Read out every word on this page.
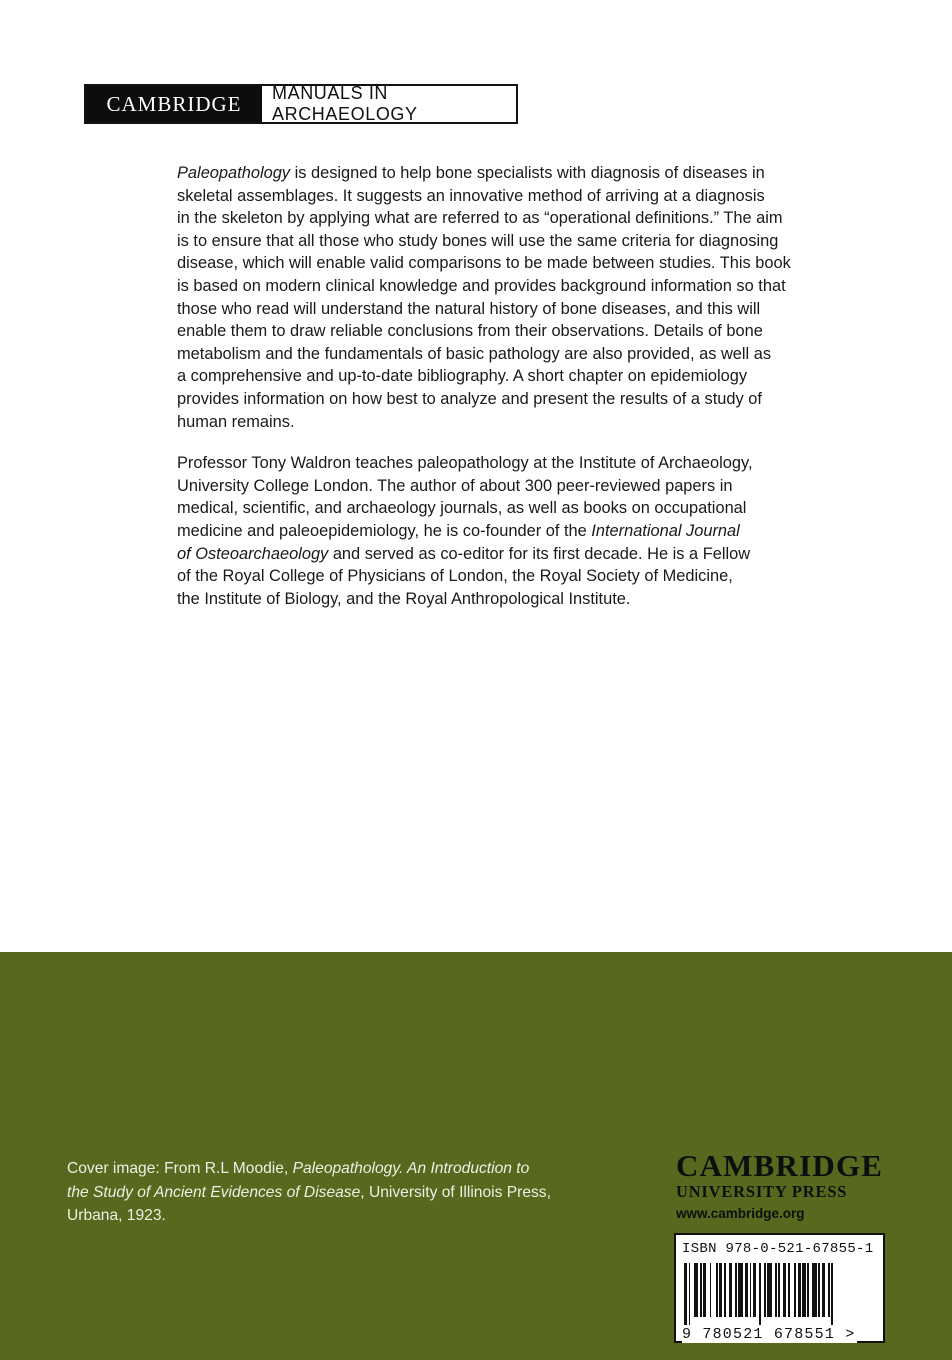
CAMBRIDGE	MANUALS IN ARCHAEOLOGY

Paleopathology is designed to help bone specialists with diagnosis of diseases in
skeletal assemblages. It suggests an innovative method of arriving at a diagnosis
in the skeleton by applying what are referred to as “operational definitions.” The aim
is to ensure that all those who study bones will use the same criteria for diagnosing
disease, which will enable valid comparisons to be made between studies. This book
is based on modern clinical knowledge and provides background information so that
those who read will understand the natural history of bone diseases, and this will
enable them to draw reliable conclusions from their observations. Details of bone
metabolism and the fundamentals of basic pathology are also provided, as well as
a comprehensive and up-to-date bibliography. A short chapter on epidemiology
provides information on how best to analyze and present the results of a study of
human remains.

Professor Tony Waldron teaches paleopathology at the Institute of Archaeology,
University College London. The author of about 300 peer-reviewed papers in
medical, scientific, and archaeology journals, as well as books on occupational
medicine and paleoepidemiology, he is co-founder of the International Journal
of Osteoarchaeology and served as co-editor for its first decade. He is a Fellow
of the Royal College of Physicians of London, the Royal Society of Medicine,
the Institute of Biology, and the Royal Anthropological Institute.

Cover image: From R.L Moodie, Paleopathology. An Introduction to
the Study of Ancient Evidences of Disease, University of Illinois Press,
Urbana, 1923.
CAMBRIDGE
UNIVERSITY PRESS
www.cambridge.org
ISBN 978-0-521-67855-1
9 780521 678551 >
